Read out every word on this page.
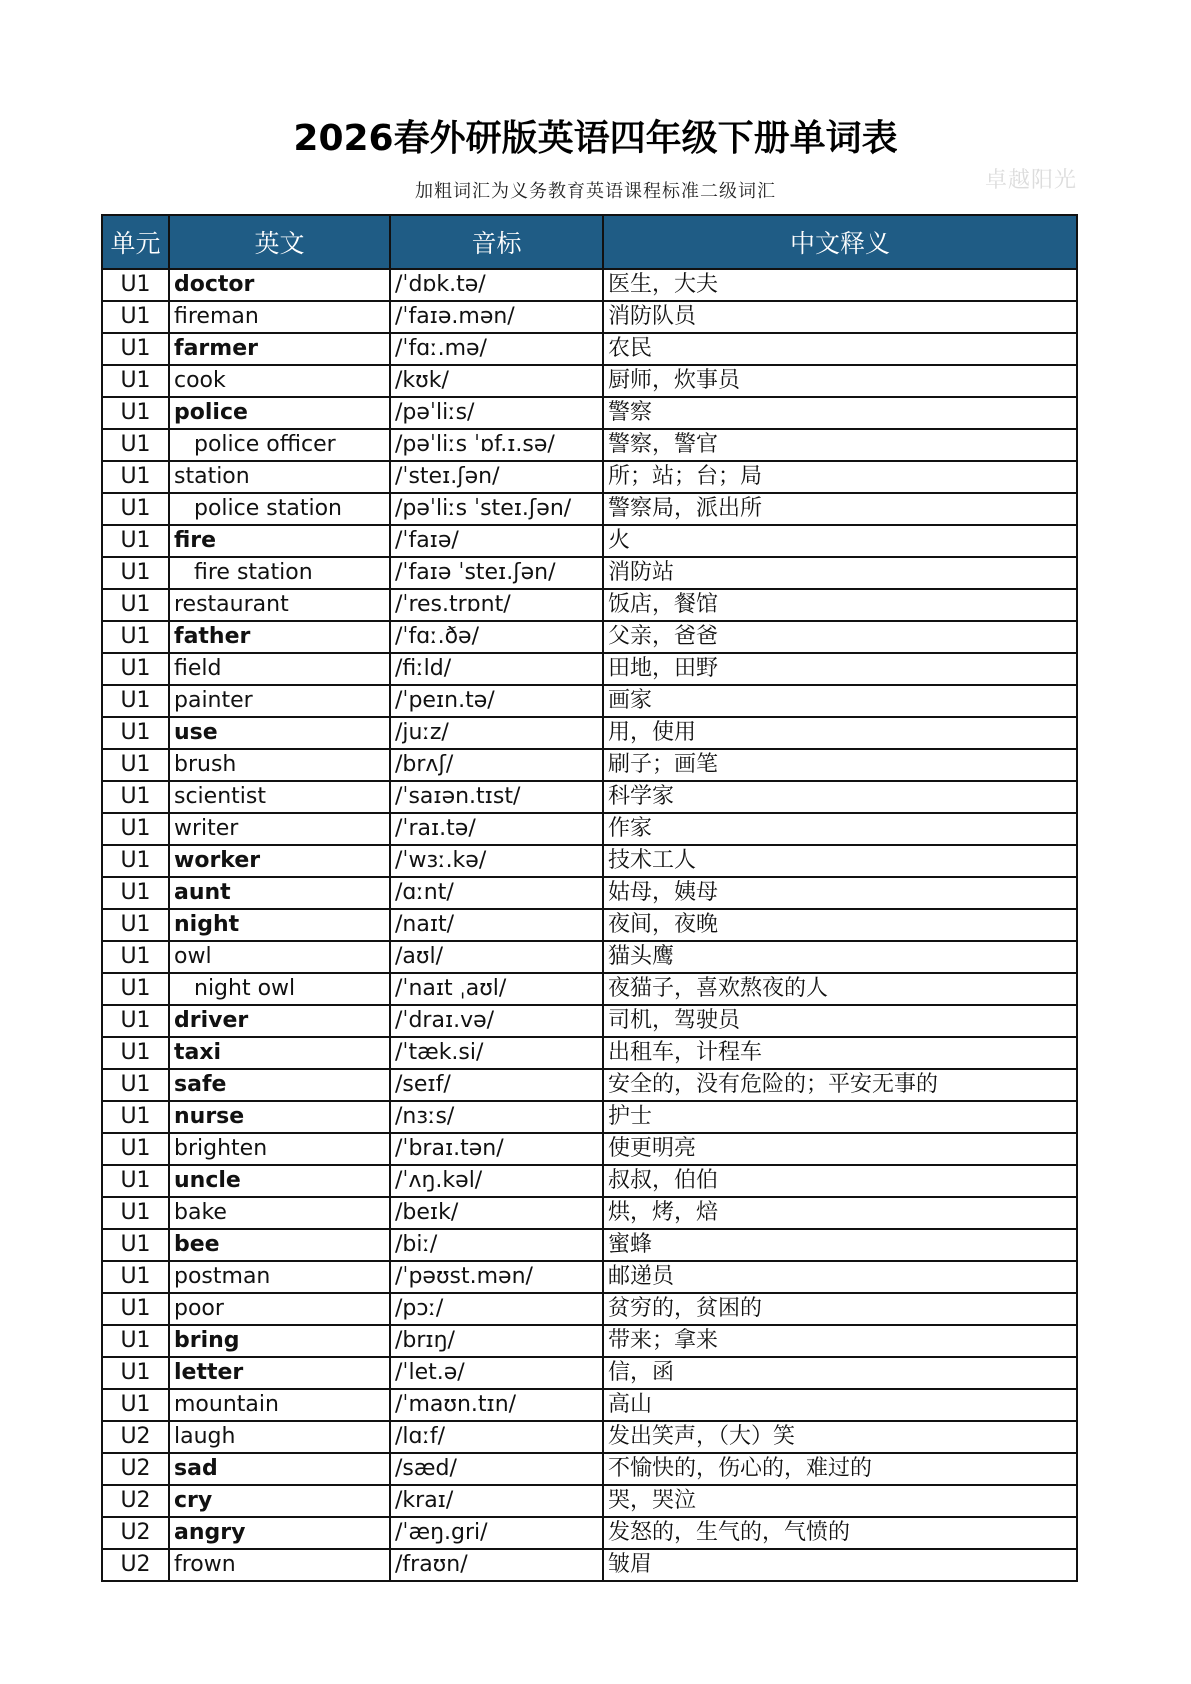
2026春外研版英语四年级下册单词表
加粗词汇为义务教育英语课程标准二级词汇	卓越阳光
单元	英文	音标	中文释义
U1	doctor	/ˈdɒk.tə/	医生，大夫
U1	fireman	/ˈfaɪə.mən/	消防队员
U1	farmer	/ˈfɑː.mə/	农民
U1	cook	/kʊk/	厨师，炊事员
U1	police	/pəˈliːs/	警察
U1	police officer	/pəˈliːs ˈɒf.ɪ.sə/	警察，警官
U1	station	/ˈsteɪ.ʃən/	所；站；台；局
U1	police station	/pəˈliːs ˈsteɪ.ʃən/	警察局，派出所
U1	fire	/ˈfaɪə/	火
U1	fire station	/ˈfaɪə ˈsteɪ.ʃən/	消防站
U1	restaurant	/ˈres.trɒnt/	饭店，餐馆
U1	father	/ˈfɑː.ðə/	父亲，爸爸
U1	field	/fiːld/	田地，田野
U1	painter	/ˈpeɪn.tə/	画家
U1	use	/juːz/	用，使用
U1	brush	/brʌʃ/	刷子；画笔
U1	scientist	/ˈsaɪən.tɪst/	科学家
U1	writer	/ˈraɪ.tə/	作家
U1	worker	/ˈwɜː.kə/	技术工人
U1	aunt	/ɑːnt/	姑母，姨母
U1	night	/naɪt/	夜间，夜晚
U1	owl	/aʊl/	猫头鹰
U1	night owl	/ˈnaɪt ˌaʊl/	夜猫子，喜欢熬夜的人
U1	driver	/ˈdraɪ.və/	司机，驾驶员
U1	taxi	/ˈtæk.si/	出租车，计程车
U1	safe	/seɪf/	安全的，没有危险的；平安无事的
U1	nurse	/nɜːs/	护士
U1	brighten	/ˈbraɪ.tən/	使更明亮
U1	uncle	/ˈʌŋ.kəl/	叔叔，伯伯
U1	bake	/beɪk/	烘，烤，焙
U1	bee	/biː/	蜜蜂
U1	postman	/ˈpəʊst.mən/	邮递员
U1	poor	/pɔː/	贫穷的，贫困的
U1	bring	/brɪŋ/	带来；拿来
U1	letter	/ˈlet.ə/	信，函
U1	mountain	/ˈmaʊn.tɪn/	高山
U2	laugh	/lɑːf/	发出笑声，（大）笑
U2	sad	/sæd/	不愉快的，伤心的，难过的
U2	cry	/kraɪ/	哭，哭泣
U2	angry	/ˈæŋ.gri/	发怒的，生气的，气愤的
U2	frown	/fraʊn/	皱眉
